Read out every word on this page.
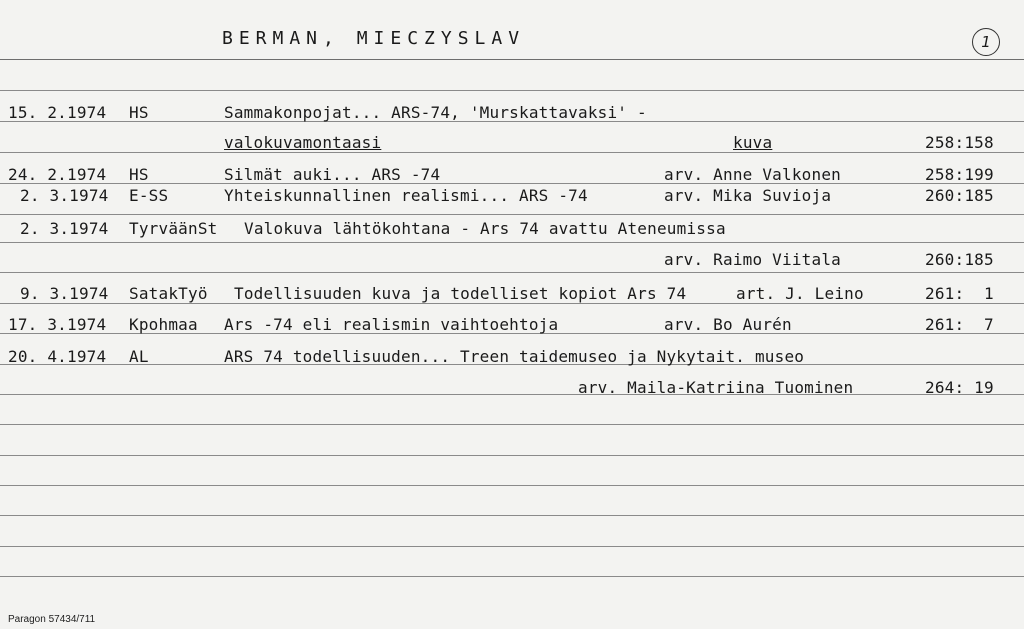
BERMAN, MIECZYSLAV	1
15. 2.1974 HS	Sammakonpojat... ARS-74, 'Murskattavaksi' -
valokuvamontaasi	kuva	258:158
24. 2.1974 HS	Silmät auki... ARS -74	arv. Anne Valkonen	258:199
2. 3.1974 E-SS	Yhteiskunnallinen realismi... ARS -74	arv. Mika Suvioja	260:185
2. 3.1974 TyrväänSt Valokuva lähtökohtana - Ars 74 avattu Ateneumissa
arv. Raimo Viitala	260:185
9. 3.1974 SatakTyö Todellisuuden kuva ja todelliset kopiot Ars 74	art. J. Leino	261:  1
17. 3.1974 Kpohmaa Ars -74 eli realismin vaihtoehtoja	arv. Bo Aurén	261:  7
20. 4.1974 AL	ARS 74 todellisuuden... Treen taidemuseo ja Nykytait. museo
arv. Maila-Katriina Tuominen	264: 19
Paragon 57434/711
